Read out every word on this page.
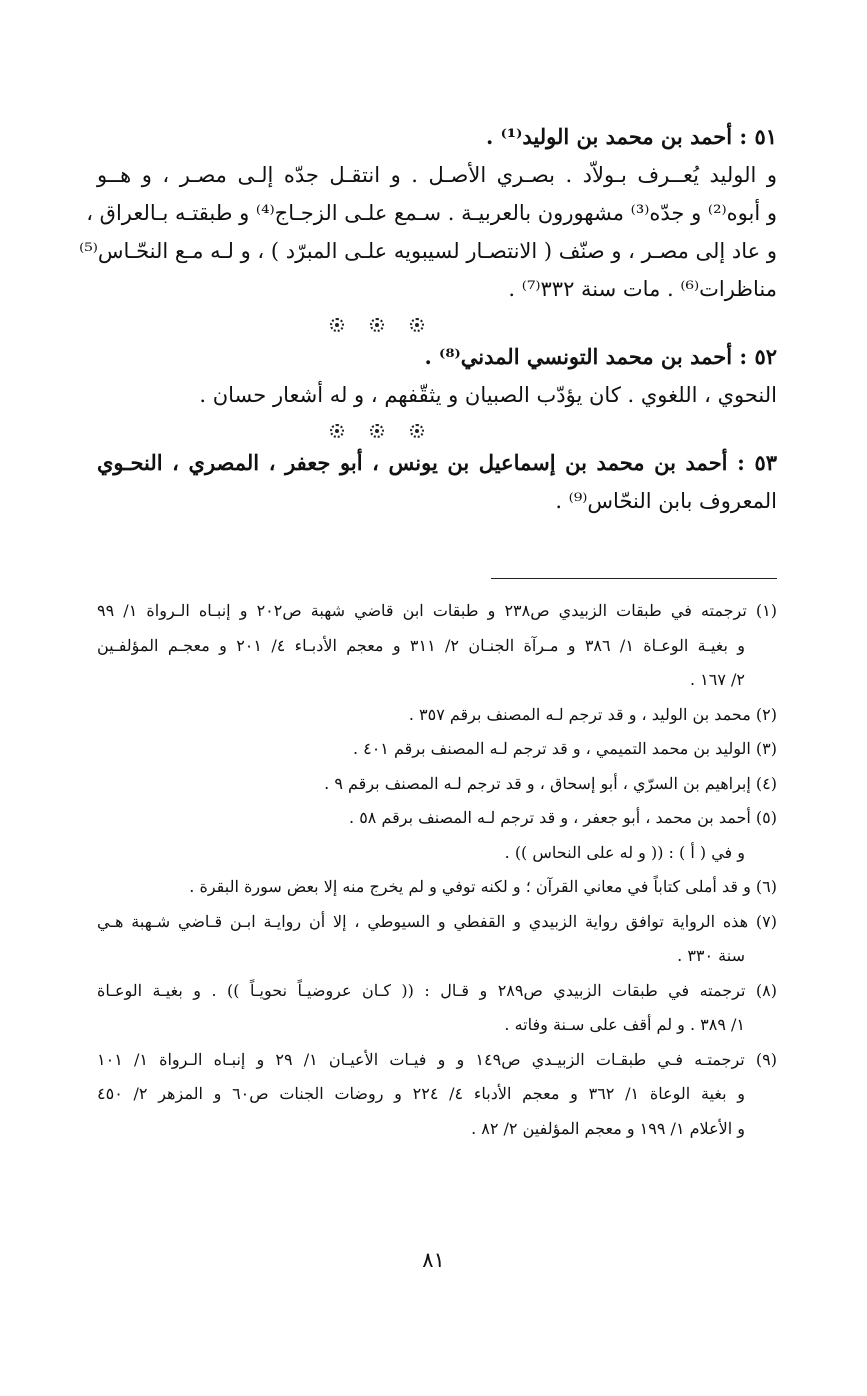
٥١ : أحمد بن محمد بن الوليد⁽¹⁾ .
و الوليد يُعــرف بـولاّد . بصـري الأصـل . و انتقـل جدّه إلـى مصـر ، و هــو
و أبوه⁽²⁾ و جدّه⁽³⁾ مشهورون بالعربيـة . سـمع علـى الزجـاج⁽⁴⁾ و طبقتـه بـالعراق ،
و عاد إلى مصـر ، و صنّف ( الانتصـار لسيبويه علـى المبرّد ) ، و لـه مـع النحّـاس⁽⁵⁾
مناظرات⁽⁶⁾ . مات سنة ٣٣٢⁽⁷⁾ .
٥٢ : أحمد بن محمد التونسي المدني⁽⁸⁾ .
النحوي ، اللغوي . كان يؤدّب الصبيان و يثقّفهم ، و له أشعار حسان .
٥٣ : أحمد بن محمد بن إسماعيل بن يونس ، أبو جعفر ، المصري ، النحـوي
المعروف بابن النحّاس⁽⁹⁾ .
(١) ترجمته في طبقات الزبيدي ص٢٣٨ و طبقات ابن قاضي شهبة ص٢٠٢ و إنبـاه الـرواة ١/ ٩٩
و بغيـة الوعـاة ١/ ٣٨٦ و مـرآة الجنـان ٢/ ٣١١ و معجم الأدبـاء ٤/ ٢٠١ و معجـم المؤلفـين
٢/ ١٦٧ .
(٢) محمد بن الوليد ، و قد ترجم لـه المصنف برقم ٣٥٧ .
(٣) الوليد بن محمد التميمي ، و قد ترجم لـه المصنف برقم ٤٠١ .
(٤) إبراهيم بن السرّي ، أبو إسحاق ، و قد ترجم لـه المصنف برقم ٩ .
(٥) أحمد بن محمد ، أبو جعفر ، و قد ترجم لـه المصنف برقم ٥٨ .
و في ( أ ) : (( و له على النحاس )) .
(٦) و قد أملى كتاباً في معاني القرآن ؛ و لكنه توفي و لم يخرج منه إلا بعض سورة البقرة .
(٧) هذه الرواية توافق رواية الزبيدي و القفطي و السيوطي ، إلا أن روايـة ابـن قـاضي شـهبة هـي
سنة ٣٣٠ .
(٨) ترجمته في طبقات الزبيدي ص٢٨٩ و قـال : (( كـان عروضيـاً نحويـاً )) . و بغيـة الوعـاة
١/ ٣٨٩ . و لم أقف على سـنة وفاته .
(٩) ترجمتـه فـي طبقـات الزبيـدي ص١٤٩ و و فيـات الأعيـان ١/ ٢٩ و إنبـاه الـرواة ١/ ١٠١
و بغية الوعاة ١/ ٣٦٢ و معجم الأدباء ٤/ ٢٢٤ و روضات الجنات ص٦٠ و المزهر ٢/ ٤٥٠
و الأعلام ١/ ١٩٩ و معجم المؤلفين ٢/ ٨٢ .
٨١
